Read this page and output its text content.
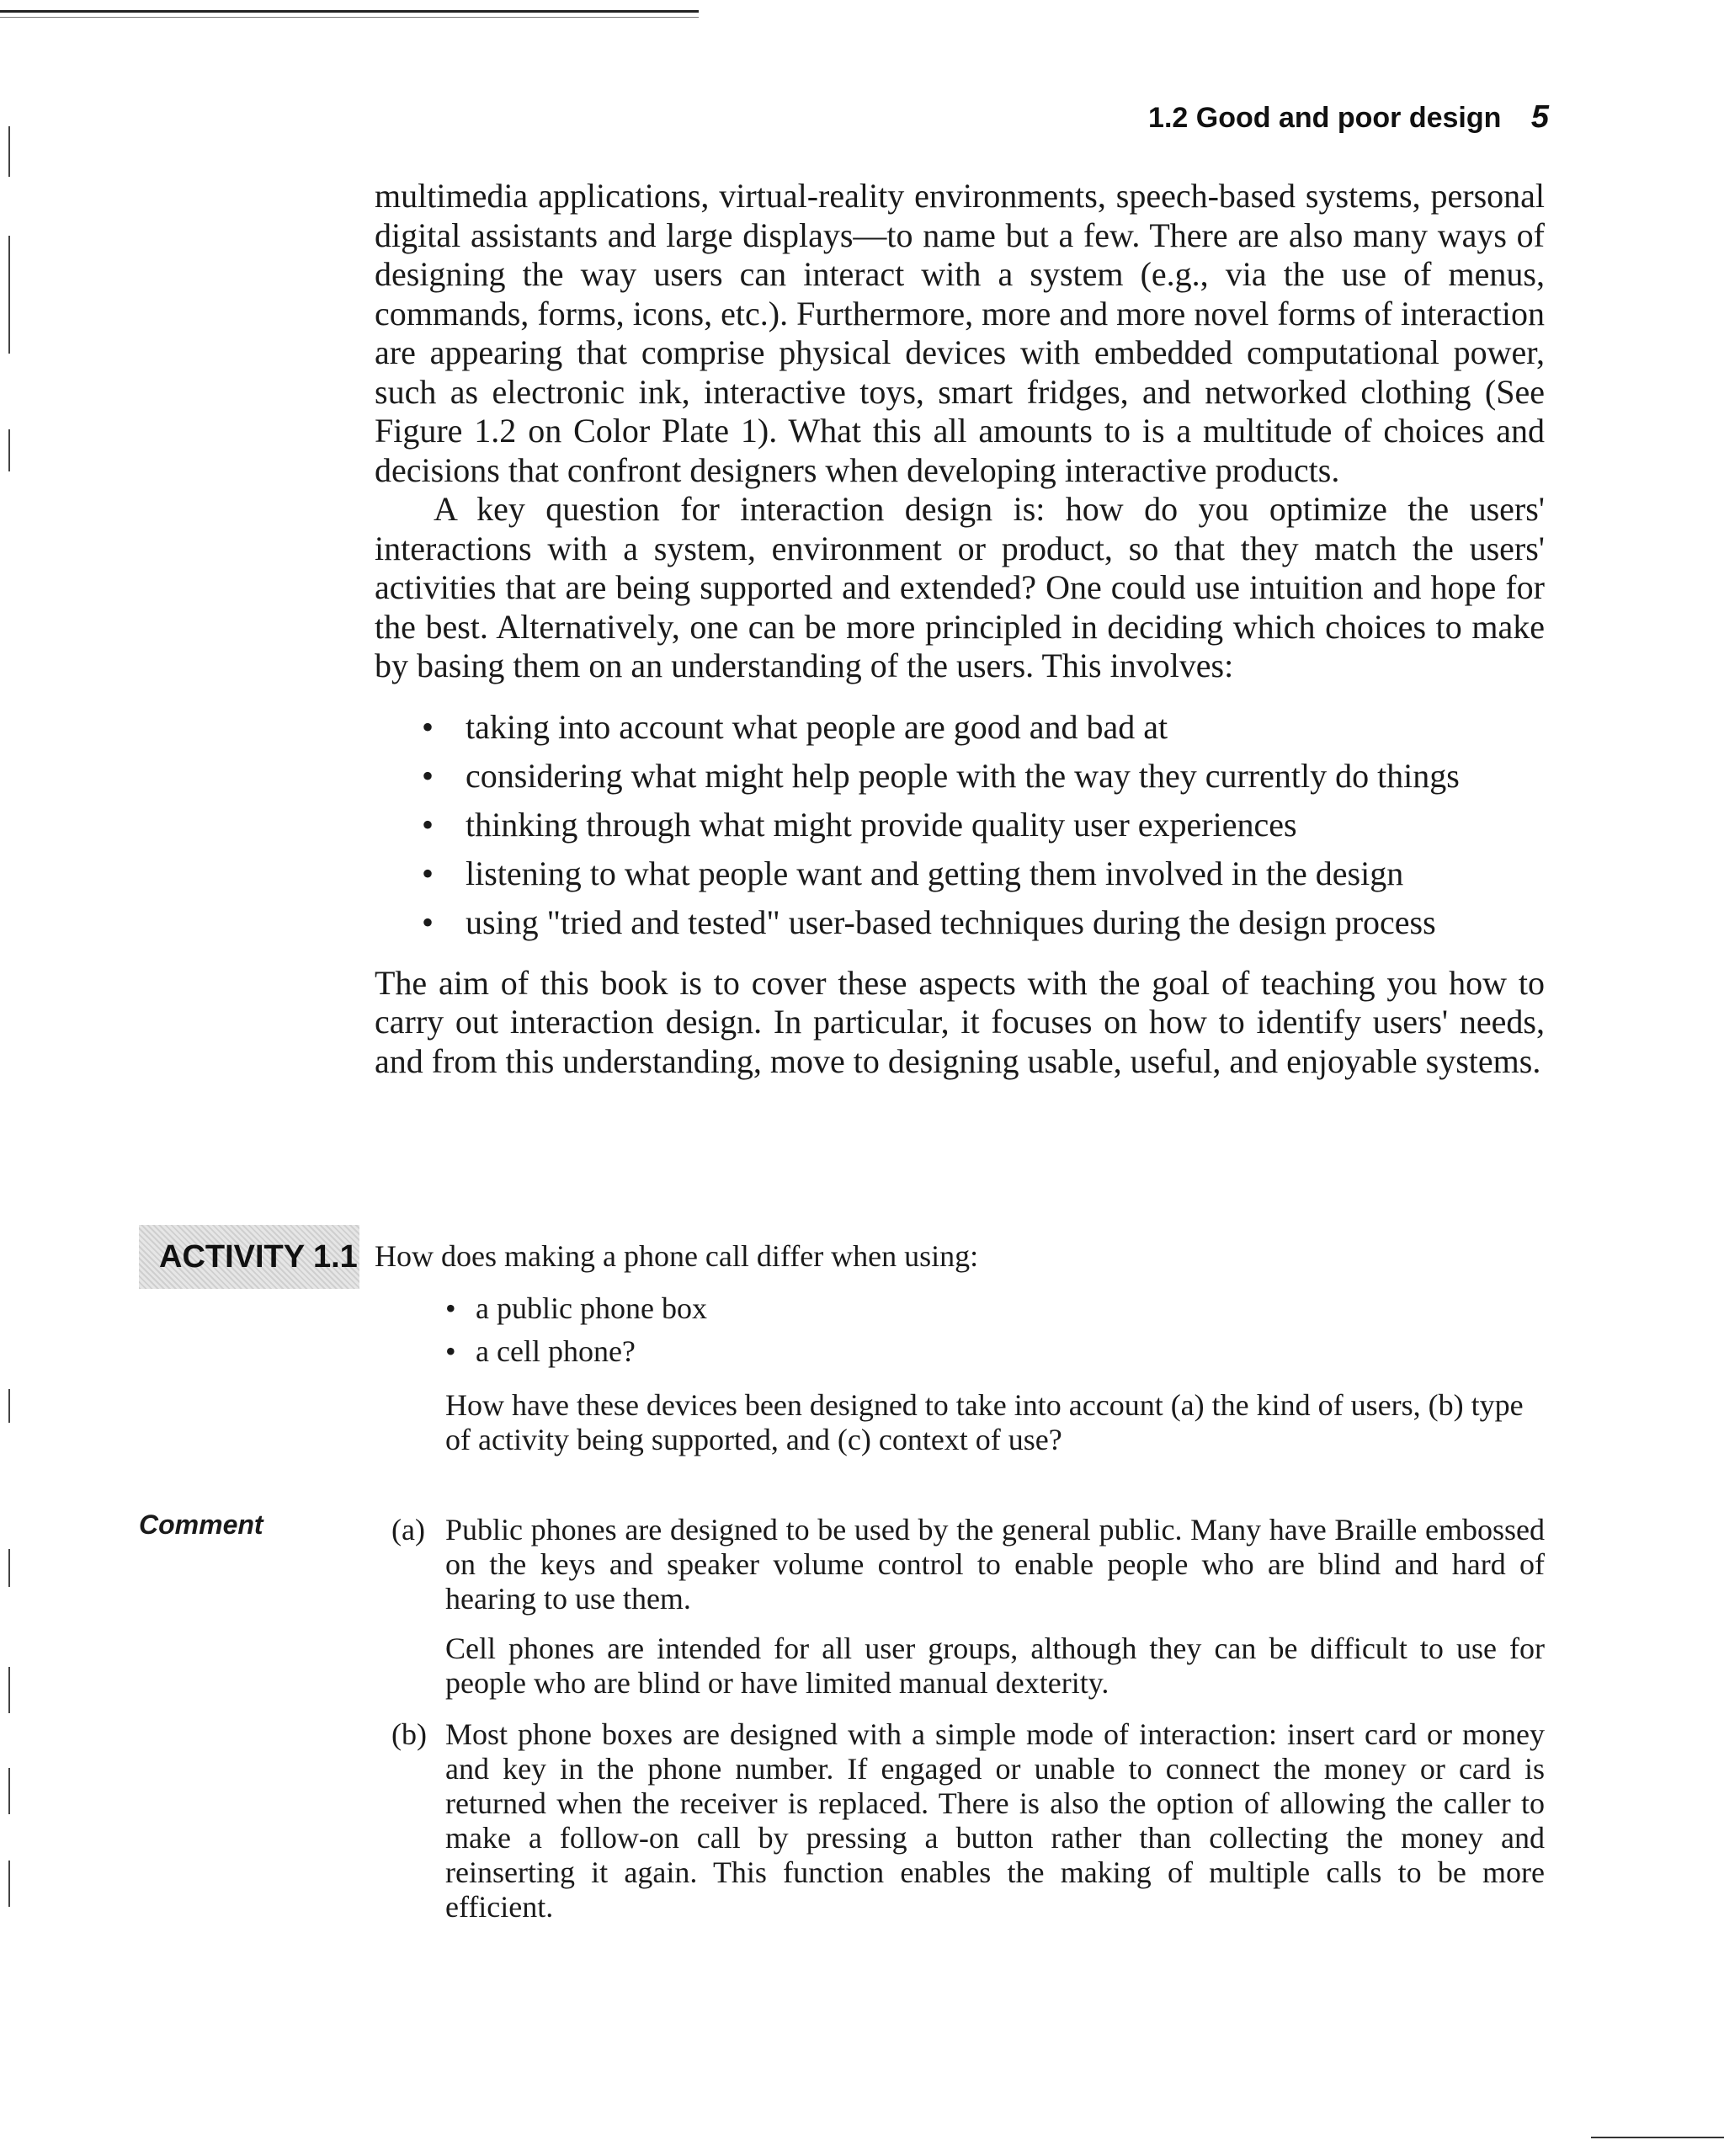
1.2 Good and poor design 5

multimedia applications, virtual-reality environments, speech-based systems, personal digital assistants and large displays—to name but a few. There are also many ways of designing the way users can interact with a system (e.g., via the use of menus, commands, forms, icons, etc.). Furthermore, more and more novel forms of interaction are appearing that comprise physical devices with embedded computational power, such as electronic ink, interactive toys, smart fridges, and networked clothing (See Figure 1.2 on Color Plate 1). What this all amounts to is a multitude of choices and decisions that confront designers when developing interactive products.

A key question for interaction design is: how do you optimize the users' interactions with a system, environment or product, so that they match the users' activities that are being supported and extended? One could use intuition and hope for the best. Alternatively, one can be more principled in deciding which choices to make by basing them on an understanding of the users. This involves:

• taking into account what people are good and bad at
• considering what might help people with the way they currently do things
• thinking through what might provide quality user experiences
• listening to what people want and getting them involved in the design
• using "tried and tested" user-based techniques during the design process

The aim of this book is to cover these aspects with the goal of teaching you how to carry out interaction design. In particular, it focuses on how to identify users' needs, and from this understanding, move to designing usable, useful, and enjoyable systems.

ACTIVITY 1.1 How does making a phone call differ when using:

• a public phone box
• a cell phone?

How have these devices been designed to take into account (a) the kind of users, (b) type of activity being supported, and (c) context of use?

Comment	(a) Public phones are designed to be used by the general public. Many have Braille embossed on the keys and speaker volume control to enable people who are blind and hard of hearing to use them.

Cell phones are intended for all user groups, although they can be difficult to use for people who are blind or have limited manual dexterity.

(b) Most phone boxes are designed with a simple mode of interaction: insert card or money and key in the phone number. If engaged or unable to connect the money or card is returned when the receiver is replaced. There is also the option of allowing the caller to make a follow-on call by pressing a button rather than collecting the money and reinserting it again. This function enables the making of multiple calls to be more efficient.
